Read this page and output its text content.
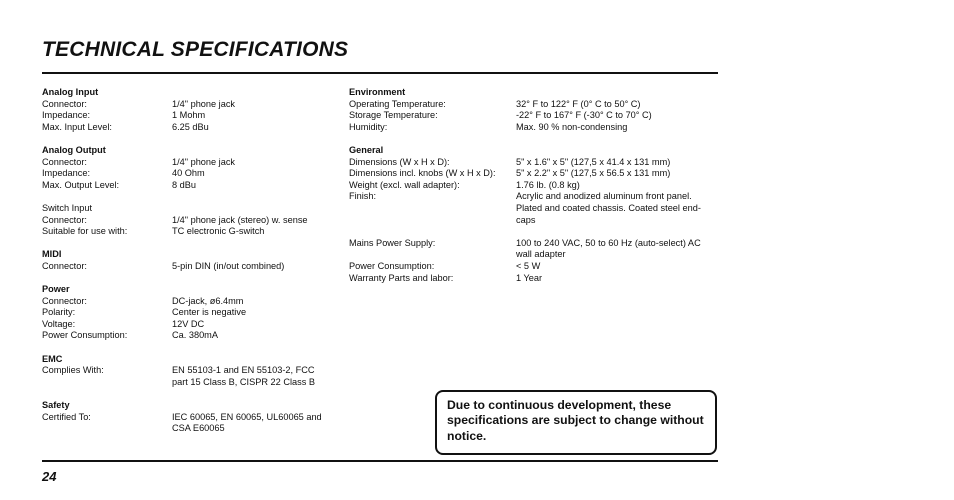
TECHNICAL SPECIFICATIONS
Analog Input
Connector:	1/4" phone jack
Impedance:	1 Mohm
Max. Input Level:	6.25 dBu
Analog Output
Connector:	1/4" phone jack
Impedance:	40 Ohm
Max. Output Level:	8 dBu
Switch Input
Connector:	1/4" phone jack (stereo) w. sense
Suitable for use with:	TC electronic G-switch
MIDI
Connector:	5-pin DIN (in/out combined)
Power
Connector:	DC-jack, ø6.4mm
Polarity:	Center is negative
Voltage:	12V DC
Power Consumption:	Ca. 380mA
EMC
Complies With:	EN 55103-1 and EN 55103-2, FCC
part 15 Class B, CISPR 22 Class B
Safety
Certified To:	IEC 60065, EN 60065, UL60065 and
CSA E60065
Environment
Operating Temperature:	32° F to 122° F (0° C to 50° C)
Storage Temperature:	-22° F to 167° F (-30° C to 70° C)
Humidity:	Max. 90 % non-condensing
General
Dimensions (W x H x D):	5" x 1.6" x 5" (127,5 x 41.4 x 131 mm)
Dimensions incl. knobs (W x H x D):	5" x 2.2" x 5" (127,5 x 56.5 x 131 mm)
Weight (excl. wall adapter):	1.76 lb. (0.8 kg)
Finish:	Acrylic and anodized aluminum front panel.
Plated and coated chassis. Coated steel end-
caps
Mains Power Supply:	100 to 240 VAC, 50 to 60 Hz (auto-select) AC
wall adapter
Power Consumption:	< 5 W
Warranty Parts and labor:	1 Year
Due to continuous development, these specifications are subject to change without notice.
24
